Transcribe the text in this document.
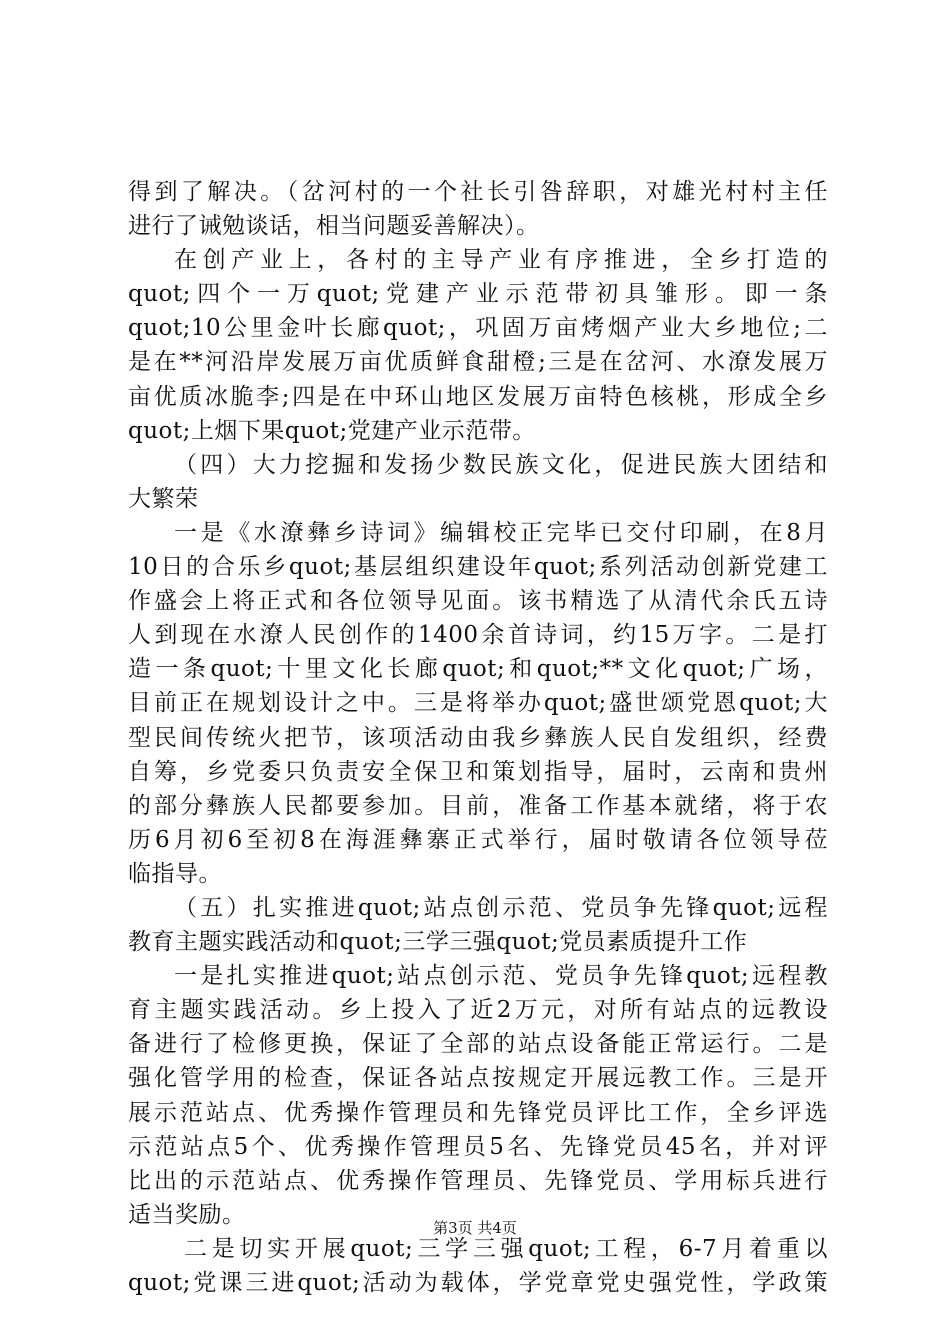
得到了解决。（岔河村的一个社长引咎辞职，对雄光村村主任
进行了诫勉谈话，相当问题妥善解决）。
在创产业上，各村的主导产业有序推进，全乡打造的
quot;四个一万quot;党建产业示范带初具雏形。即一条
quot;10公里金叶长廊quot;，巩固万亩烤烟产业大乡地位;二
是在**河沿岸发展万亩优质鲜食甜橙;三是在岔河、水潦发展万
亩优质冰脆李;四是在中环山地区发展万亩特色核桃，形成全乡
quot;上烟下果quot;党建产业示范带。
（四）大力挖掘和发扬少数民族文化，促进民族大团结和
大繁荣
一是《水潦彝乡诗词》编辑校正完毕已交付印刷，在8月
10日的合乐乡quot;基层组织建设年quot;系列活动创新党建工
作盛会上将正式和各位领导见面。该书精选了从清代余氏五诗
人到现在水潦人民创作的1400余首诗词，约15万字。二是打
造一条quot;十里文化长廊quot;和quot;**文化quot;广场，
目前正在规划设计之中。三是将举办quot;盛世颂党恩quot;大
型民间传统火把节，该项活动由我乡彝族人民自发组织，经费
自筹，乡党委只负责安全保卫和策划指导，届时，云南和贵州
的部分彝族人民都要参加。目前，准备工作基本就绪，将于农
历6月初6至初8在海涯彝寨正式举行，届时敬请各位领导莅
临指导。
（五）扎实推进quot;站点创示范、党员争先锋quot;远程
教育主题实践活动和quot;三学三强quot;党员素质提升工作
一是扎实推进quot;站点创示范、党员争先锋quot;远程教
育主题实践活动。乡上投入了近2万元，对所有站点的远教设
备进行了检修更换，保证了全部的站点设备能正常运行。二是
强化管学用的检查，保证各站点按规定开展远教工作。三是开
展示范站点、优秀操作管理员和先锋党员评比工作，全乡评选
示范站点5个、优秀操作管理员5名、先锋党员45名，并对评
比出的示范站点、优秀操作管理员、先锋党员、学用标兵进行
适当奖励。
二是切实开展quot;三学三强quot;工程，6-7月着重以
quot;党课三进quot;活动为载体，学党章党史强党性，学政策
第3页 共4页
